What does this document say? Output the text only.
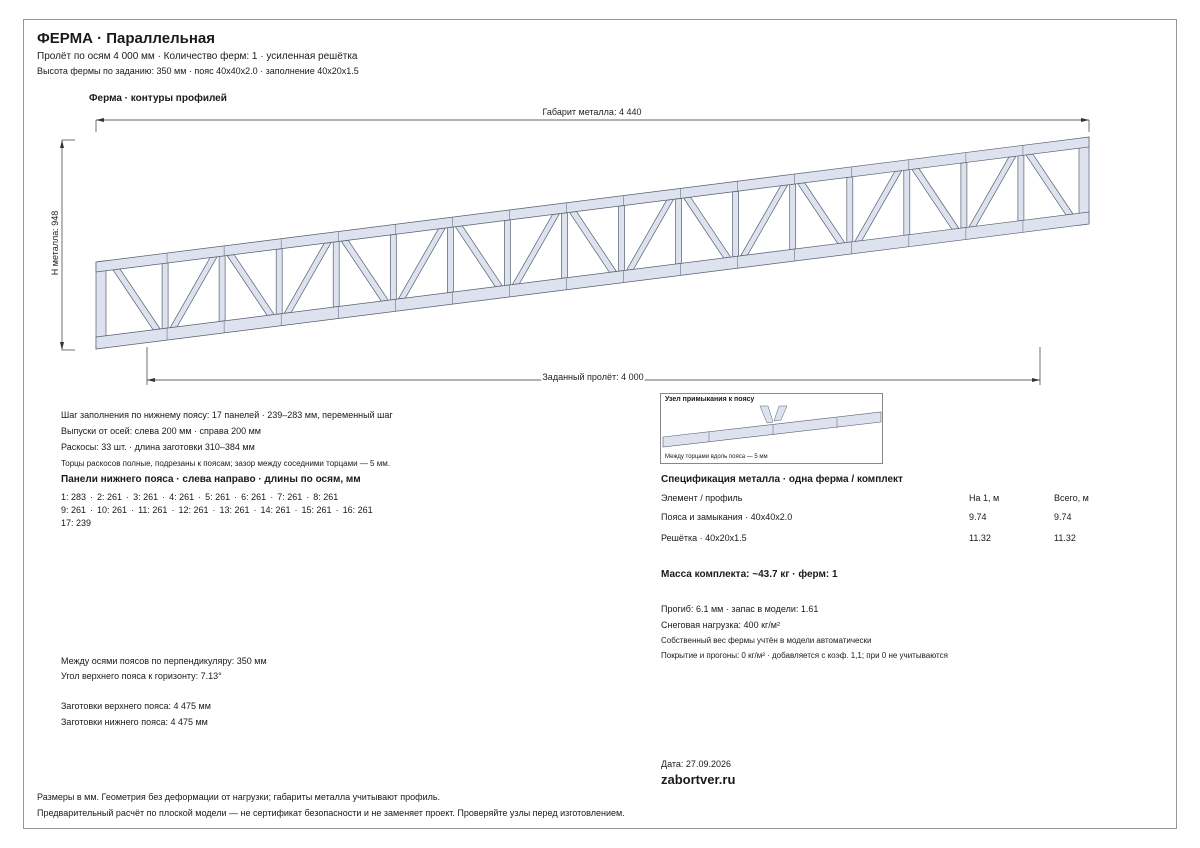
ФЕРМА · Параллельная
Пролёт по осям 4 000 мм · Количество ферм: 1 · усиленная решётка
Высота фермы по заданию: 350 мм · пояс 40x40x2.0 · заполнение 40x20x1.5
Ферма · контуры профилей
Габарит металла: 4 440
Н металла: 948
Заданный пролёт: 4 000
Шаг заполнения по нижнему поясу: 17 панелей · 239–283 мм, переменный шаг
Выпуски от осей: слева 200 мм · справа 200 мм
Раскосы: 33 шт. · длина заготовки 310–384 мм
Торцы раскосов полные, подрезаны к поясам; зазор между соседними торцами — 5 мм.
Панели нижнего пояса · слева направо · длины по осям, мм
1: 283 · 2: 261 · 3: 261 · 4: 261 · 5: 261 · 6: 261 · 7: 261 · 8: 261
9: 261 · 10: 261 · 11: 261 · 12: 261 · 13: 261 · 14: 261 · 15: 261 · 16: 261
17: 239
Между осями поясов по перпендикуляру: 350 мм
Угол верхнего пояса к горизонту: 7.13°
Заготовки верхнего пояса: 4 475 мм
Заготовки нижнего пояса: 4 475 мм
Узел примыкания к поясу
Между торцами вдоль пояса — 5 мм
Спецификация металла · одна ферма / комплект
Элемент / профиль	На 1, м	Всего, м
Пояса и замыкания · 40x40x2.0	9.74	9.74
Решётка · 40x20x1.5	11.32	11.32
Масса комплекта: ~43.7 кг · ферм: 1
Прогиб: 6.1 мм · запас в модели: 1.61
Снеговая нагрузка: 400 кг/м²
Собственный вес фермы учтён в модели автоматически
Покрытие и прогоны: 0 кг/м² · добавляется с коэф. 1,1; при 0 не учитываются
Дата: 27.09.2026
zabortver.ru
Размеры в мм. Геометрия без деформации от нагрузки; габариты металла учитывают профиль.
Предварительный расчёт по плоской модели — не сертификат безопасности и не заменяет проект. Проверяйте узлы перед изготовлением.
